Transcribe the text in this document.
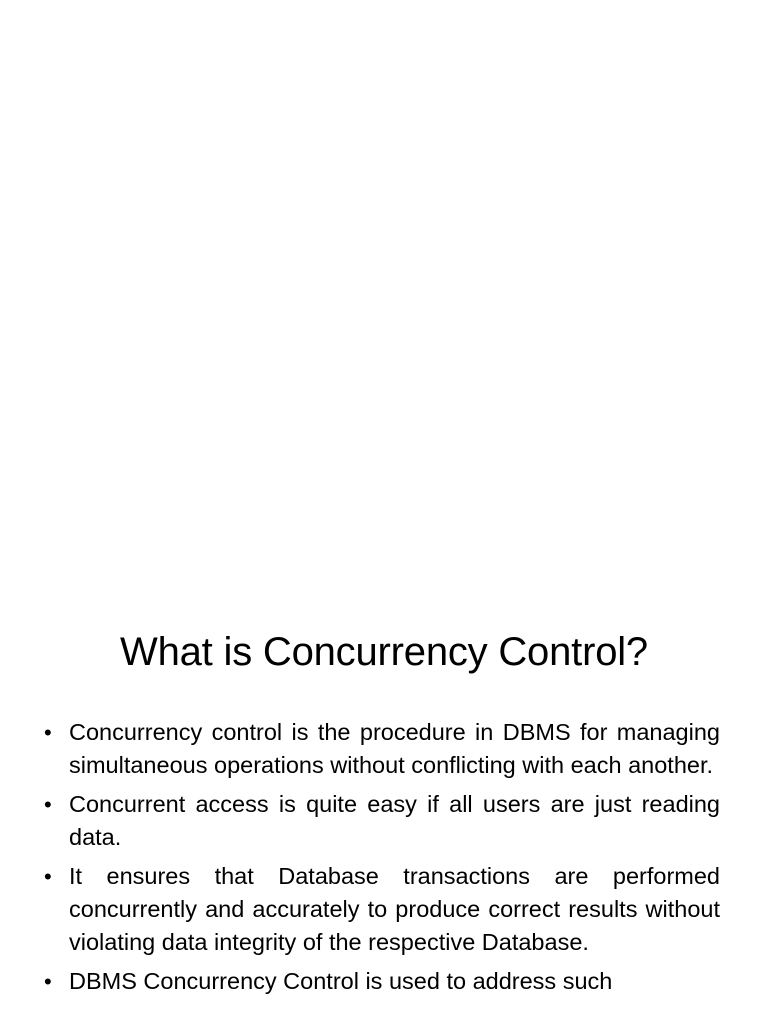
What is Concurrency Control?
• Concurrency control is the procedure in DBMS for managing simultaneous operations without conflicting with each another.
• Concurrent access is quite easy if all users are just reading data.
• It ensures that Database transactions are performed concurrently and accurately to produce correct results without violating data integrity of the respective Database.
• DBMS Concurrency Control is used to address such
